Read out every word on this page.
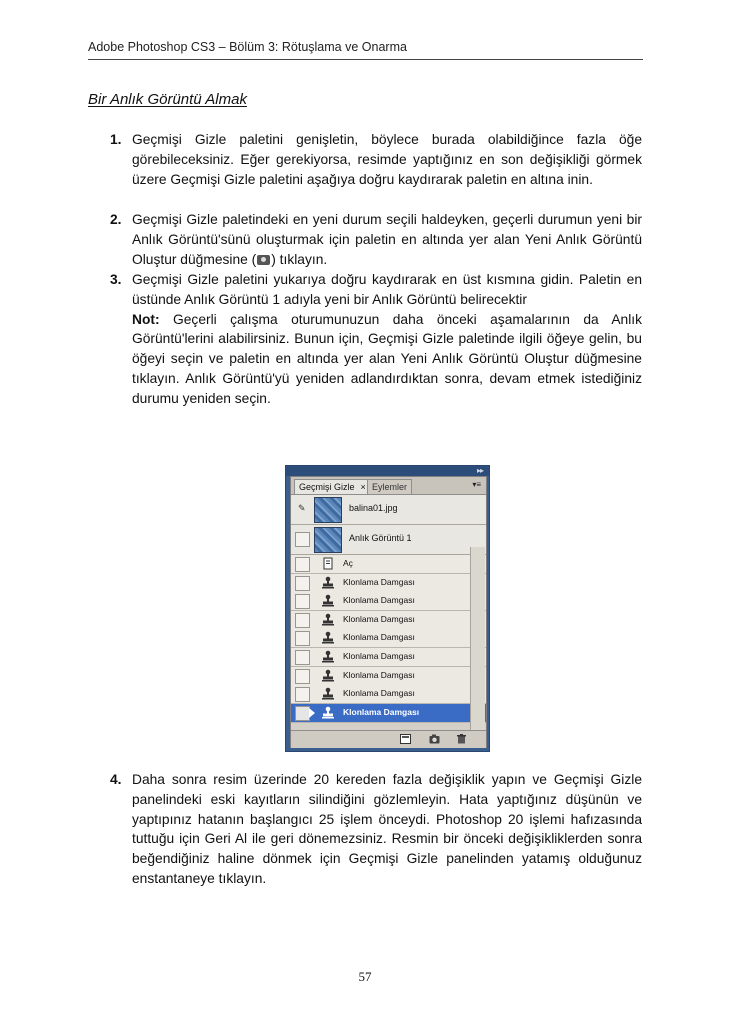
Adobe Photoshop CS3 – Bölüm 3: Rötuşlama ve Onarma
Bir Anlık Görüntü Almak
1. Geçmişi Gizle paletini genişletin, böylece burada olabildiğince fazla öğe görebileceksiniz. Eğer gerekiyorsa, resimde yaptığınız en son değişikliği görmek üzere Geçmişi Gizle paletini aşağıya doğru kaydırarak paletin en altına inin.

2. Geçmişi Gizle paletindeki en yeni durum seçili haldeyken, geçerli durumun yeni bir Anlık Görüntü'sünü oluşturmak için paletin en altında yer alan Yeni Anlık Görüntü Oluştur düğmesine ( ) tıklayın.

3. Geçmişi Gizle paletini yukarıya doğru kaydırarak en üst kısmına gidin. Paletin en üstünde Anlık Görüntü 1 adıyla yeni bir Anlık Görüntü belirecektir

Not: Geçerli çalışma oturumunuzun daha önceki aşamalarının da Anlık Görüntü'lerini alabilirsiniz. Bunun için, Geçmişi Gizle paletinde ilgili öğeye gelin, bu öğeyi seçin ve paletin en altında yer alan Yeni Anlık Görüntü Oluştur düğmesine tıklayın. Anlık Görüntü'yü yeniden adlandırdıktan sonra, devam etmek istediğiniz durumu yeniden seçin.

▸▸
Geçmişi Gizle × Eylemler	▾≡
✎	balina01.jpg
Anlık Görüntü 1
Aç
Klonlama Damgası
Klonlama Damgası
Klonlama Damgası
Klonlama Damgası
Klonlama Damgası
Klonlama Damgası
Klonlama Damgası
Klonlama Damgası
4. Daha sonra resim üzerinde 20 kereden fazla değişiklik yapın ve Geçmişi Gizle panelindeki eski kayıtların silindiğini gözlemleyin. Hata yaptığınız düşünün ve yaptıpınız hatanın başlangıcı 25 işlem önceydi. Photoshop 20 işlemi hafızasında tuttuğu için Geri Al ile geri dönemezsiniz. Resmin bir önceki değişikliklerden sonra beğendiğiniz haline dönmek için Geçmişi Gizle panelinden yatamış olduğunuz enstantaneye tıklayın.

57
